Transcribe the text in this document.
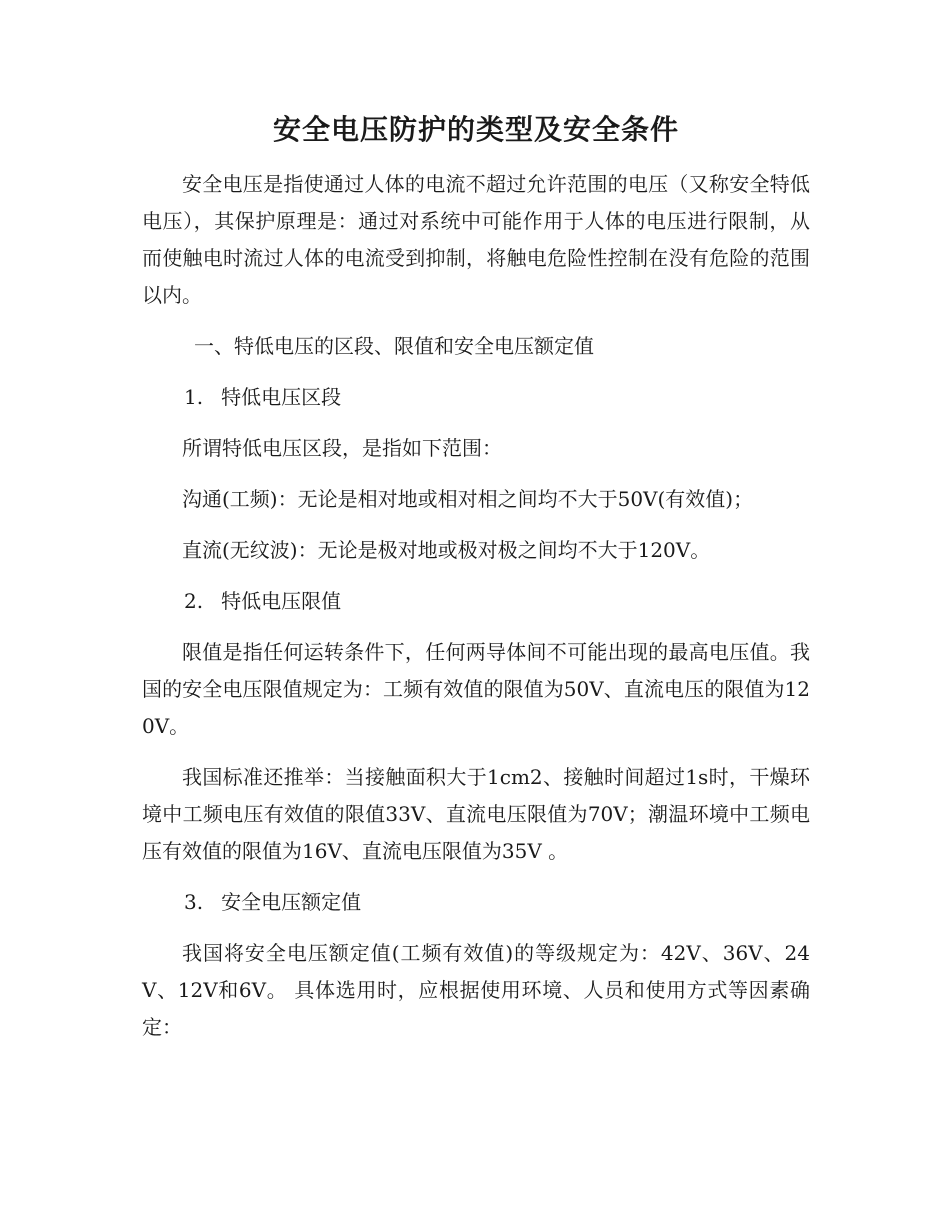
安全电压防护的类型及安全条件

安全电压是指使通过人体的电流不超过允许范围的电压（又称安全特低电压），其保护原理是：通过对系统中可能作用于人体的电压进行限制，从而使触电时流过人体的电流受到抑制，将触电危险性控制在没有危险的范围以内。

一、特低电压的区段、限值和安全电压额定值

1. 特低电压区段

所谓特低电压区段，是指如下范围：

沟通(工频)：无论是相对地或相对相之间均不大于50V(有效值)；

直流(无纹波)：无论是极对地或极对极之间均不大于120V。

2. 特低电压限值

限值是指任何运转条件下，任何两导体间不可能出现的最高电压值。我国的安全电压限值规定为：工频有效值的限值为50V、直流电压的限值为120V。

我国标准还推举：当接触面积大于1cm2、接触时间超过1s时，干燥环境中工频电压有效值的限值33V、直流电压限值为70V；潮温环境中工频电压有效值的限值为16V、直流电压限值为35V 。

3. 安全电压额定值

我国将安全电压额定值(工频有效值)的等级规定为：42V、36V、24V、12V和6V。 具体选用时，应根据使用环境、人员和使用方式等因素确定：
